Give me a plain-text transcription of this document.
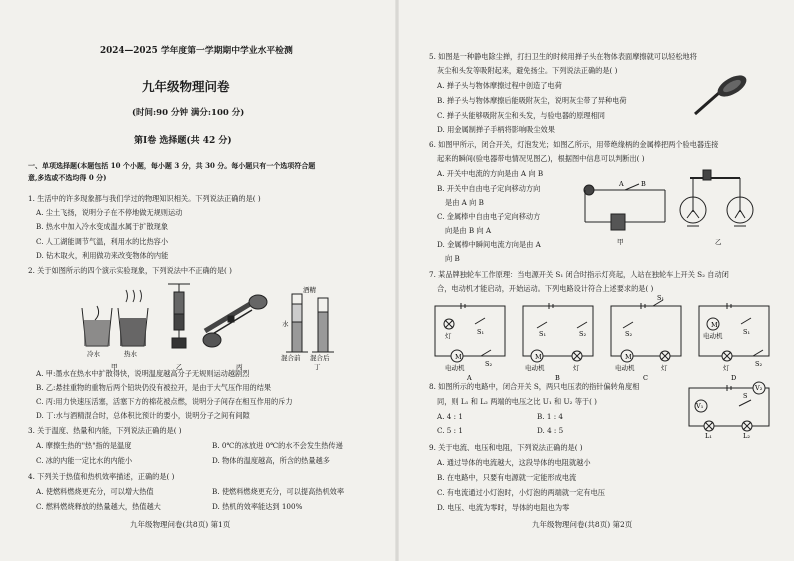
2024—2025 学年度第一学期期中学业水平检测
九年级物理问卷
(时间:90 分钟 满分:100 分)
第Ⅰ卷 选择题(共 42 分)
一、单项选择题(本题包括 10 个小题，每小题 3 分，共 30 分。每小题只有一个选项符合题
意,多选或不选均得 0 分)
1. 生活中的许多现象都与我们学过的物理知识相关。下列说法正确的是( )
A. 尘土飞扬，说明分子在不停地做无规则运动
B. 热水中加入冷水变成温水属于扩散现象
C. 人工湖能调节气温，利用水的比热容小
D. 钻木取火，利用做功来改变物体的内能
2. 关于如图所示的四个演示实验现象，下列说法中不正确的是( )
冷水	热水
甲	乙	丙
酒精
水
混合前 混合后
丁
A. 甲:墨水在热水中扩散得快，说明温度越高分子无规则运动越剧烈
B. 乙:悬挂重物的重物后两个铅块仍没有被拉开，是由于大气压作用的结果
C. 丙:用力快速压活塞，活塞下方的棉花被点燃，说明分子间存在相互作用的斥力
D. 丁:水与酒精混合时，总体积比预计的要小，说明分子之间有间隙
3. 关于温度、热量和内能，下列说法正确的是( )
A. 摩擦生热的"热"指的是温度	B. 0℃的冰放进 0℃的水不会发生热传递
C. 冰的内能一定比水的内能小	D. 物体的温度越高，所含的热量越多
4. 下列关于热值和热机效率描述，正确的是( )
A. 使燃料燃烧更充分，可以增大热值	B. 使燃料燃烧更充分，可以提高热机效率
C. 燃料燃烧释放的热量越大，热值越大	D. 热机的效率能达到 100%
九年级物理问卷(共8页) 第1页
5. 如图是一种静电除尘掸，打扫卫生的时候用掸子头在物体表面摩擦就可以轻松地将
灰尘和头发等吸附起来，避免扬尘。下列说法正确的是( )
A. 掸子头与物体摩擦过程中创造了电荷
B. 掸子头与物体摩擦后能吸附灰尘，说明灰尘带了异种电荷
C. 掸子头能够吸附灰尘和头发，与验电器的原理相同
D. 用金属制掸子手柄将影响吸尘效果
6. 如图甲所示，闭合开关，灯泡发光；如图乙所示，用带绝缘柄的金属棒把两个验电器连接
起来的瞬间(验电器带电情况见图乙)，根据图中信息可以判断出( )
A. 开关中电流的方向是由 A 向 B
B. 开关中自由电子定向移动方向
是由 A 向 B
C. 金属棒中自由电子定向移动方
向是由 B 向 A
D. 金属棒中瞬间电流方向是由 A
向 B
A	B
甲	乙
7. 某品牌独轮车工作原理：当电源开关 S₁ 闭合时指示灯亮起，人站在独轮车上开关 S₂ 自动闭
合，电动机才能启动，开始运动。下列电路设计符合上述要求的是( )
M	M	M
M
灯	S₁
S₂
电动机
S₁	S₂
电动机	灯
S₁
S₂
电动机	灯
电动机	S₁
灯	S₂
A	B	C	D
8. 如图所示的电路中，闭合开关 S，两只电压表的指针偏转角度相
同，则 L₁ 和 L₂ 两端的电压之比 U₁ 和 U₂ 等于( )
A. 4 : 1	B. 1 : 4
C. 5 : 1	D. 4 : 5
V₂
V₁
S
L₁	L₂
9. 关于电流、电压和电阻，下列说法正确的是( )
A. 通过导体的电流越大，这段导体的电阻就越小
B. 在电路中，只要有电源就一定能形成电流
C. 有电流通过小灯泡时，小灯泡的两端就一定有电压
D. 电压、电流为零时，导体的电阻也为零
九年级物理问卷(共8页) 第2页
